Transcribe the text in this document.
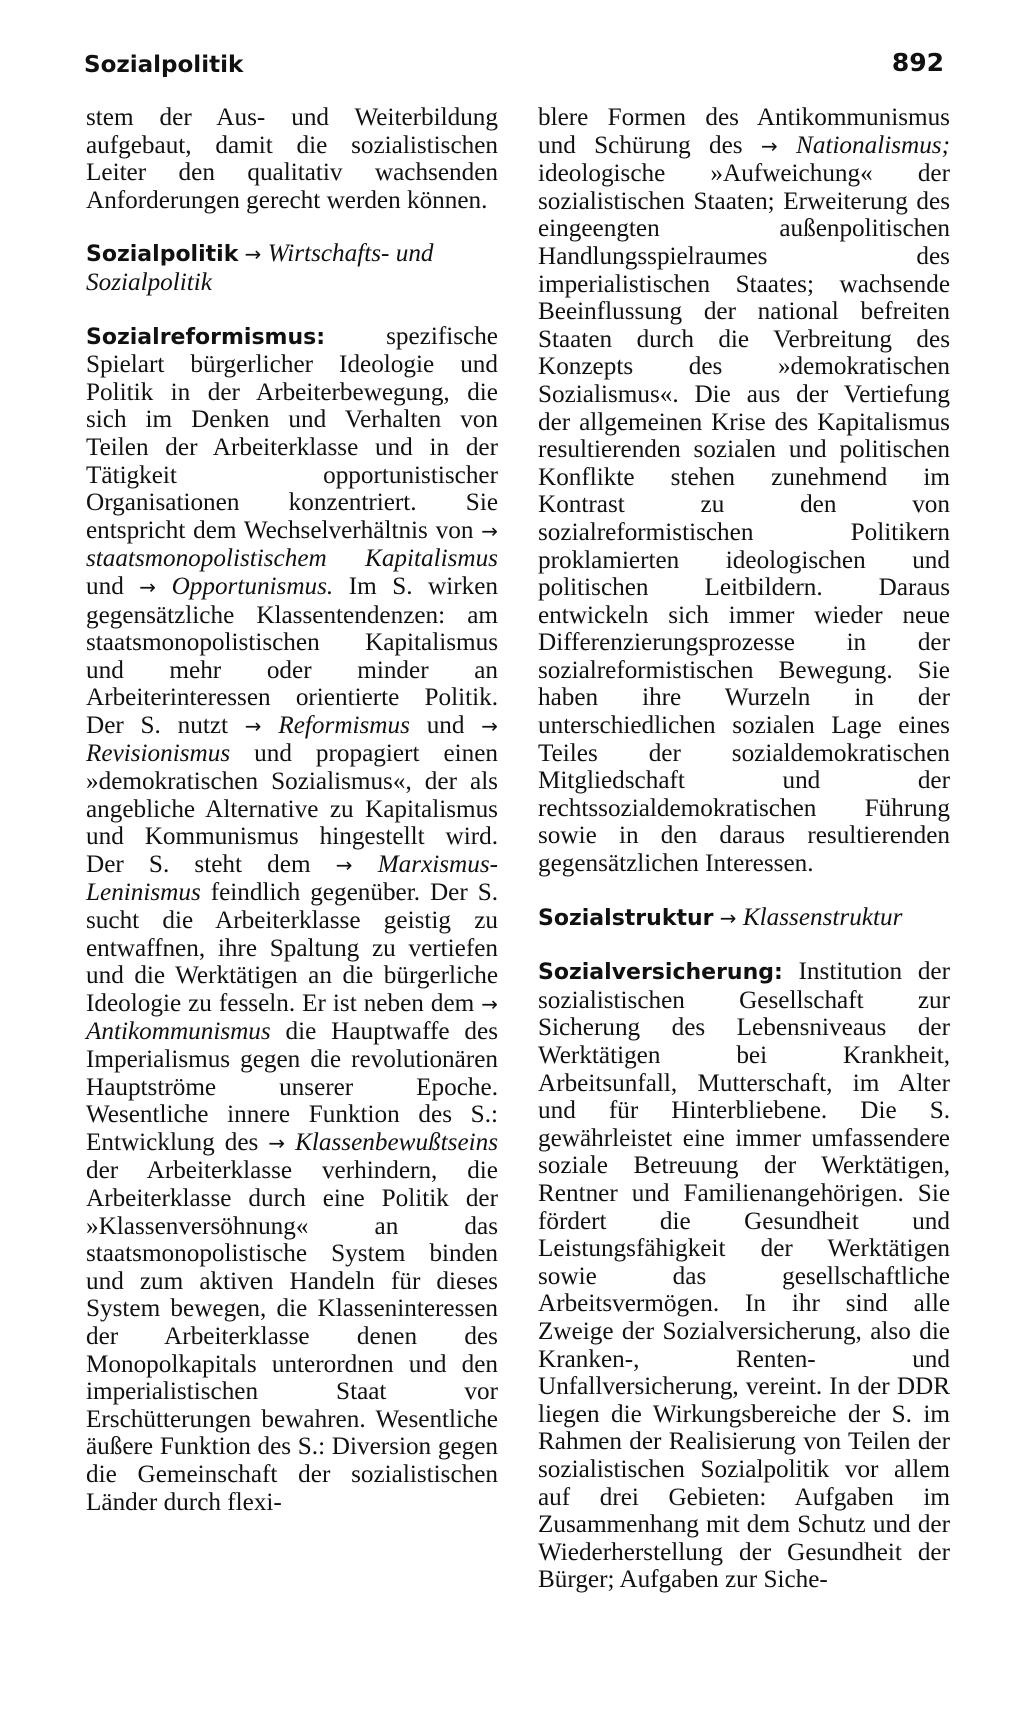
Sozialpolitik	892

stem der Aus- und Weiterbildung aufgebaut, damit die sozialistischen Leiter den qualitativ wachsenden Anforderungen gerecht werden können.

Sozialpolitik → Wirtschafts- und Sozialpolitik

Sozialreformismus: spezifische Spielart bürgerlicher Ideologie und Politik in der Arbeiterbewegung, die sich im Denken und Verhalten von Teilen der Arbeiterklasse und in der Tätigkeit opportunistischer Organisationen konzentriert. Sie entspricht dem Wechselverhältnis von → staatsmonopolistischem Kapitalismus und → Opportunismus. Im S. wirken gegensätzliche Klassentendenzen: am staatsmonopolistischen Kapitalismus und mehr oder minder an Arbeiterinteressen orientierte Politik. Der S. nutzt → Reformismus und → Revisionismus und propagiert einen »demokratischen Sozialismus«, der als angebliche Alternative zu Kapitalismus und Kommunismus hingestellt wird. Der S. steht dem → Marxismus-Leninismus feindlich gegenüber. Der S. sucht die Arbeiterklasse geistig zu entwaffnen, ihre Spaltung zu vertiefen und die Werktätigen an die bürgerliche Ideologie zu fesseln. Er ist neben dem → Antikommunismus die Hauptwaffe des Imperialismus gegen die revolutionären Hauptströme unserer Epoche. Wesentliche innere Funktion des S.: Entwicklung des → Klassenbewußtseins der Arbeiterklasse verhindern, die Arbeiterklasse durch eine Politik der »Klassenversöhnung« an das staatsmonopolistische System binden und zum aktiven Handeln für dieses System bewegen, die Klasseninteressen der Arbeiterklasse denen des Monopolkapitals unterordnen und den imperialistischen Staat vor Erschütterungen bewahren. Wesentliche äußere Funktion des S.: Diversion gegen die Gemeinschaft der sozialistischen Länder durch flexi-

blere Formen des Antikommunismus und Schürung des → Nationalismus; ideologische »Aufweichung« der sozialistischen Staaten; Erweiterung des eingeengten außenpolitischen Handlungsspielraumes des imperialistischen Staates; wachsende Beeinflussung der national befreiten Staaten durch die Verbreitung des Konzepts des »demokratischen Sozialismus«. Die aus der Vertiefung der allgemeinen Krise des Kapitalismus resultierenden sozialen und politischen Konflikte stehen zunehmend im Kontrast zu den von sozialreformistischen Politikern proklamierten ideologischen und politischen Leitbildern. Daraus entwickeln sich immer wieder neue Differenzierungsprozesse in der sozialreformistischen Bewegung. Sie haben ihre Wurzeln in der unterschiedlichen sozialen Lage eines Teiles der sozialdemokratischen Mitgliedschaft und der rechtssozialdemokratischen Führung sowie in den daraus resultierenden gegensätzlichen Interessen.

Sozialstruktur → Klassenstruktur

Sozialversicherung: Institution der sozialistischen Gesellschaft zur Sicherung des Lebensniveaus der Werktätigen bei Krankheit, Arbeitsunfall, Mutterschaft, im Alter und für Hinterbliebene. Die S. gewährleistet eine immer umfassendere soziale Betreuung der Werktätigen, Rentner und Familienangehörigen. Sie fördert die Gesundheit und Leistungsfähigkeit der Werktätigen sowie das gesellschaftliche Arbeitsvermögen. In ihr sind alle Zweige der Sozialversicherung, also die Kranken-, Renten- und Unfallversicherung, vereint. In der DDR liegen die Wirkungsbereiche der S. im Rahmen der Realisierung von Teilen der sozialistischen Sozialpolitik vor allem auf drei Gebieten: Aufgaben im Zusammenhang mit dem Schutz und der Wiederherstellung der Gesundheit der Bürger; Aufgaben zur Siche-
